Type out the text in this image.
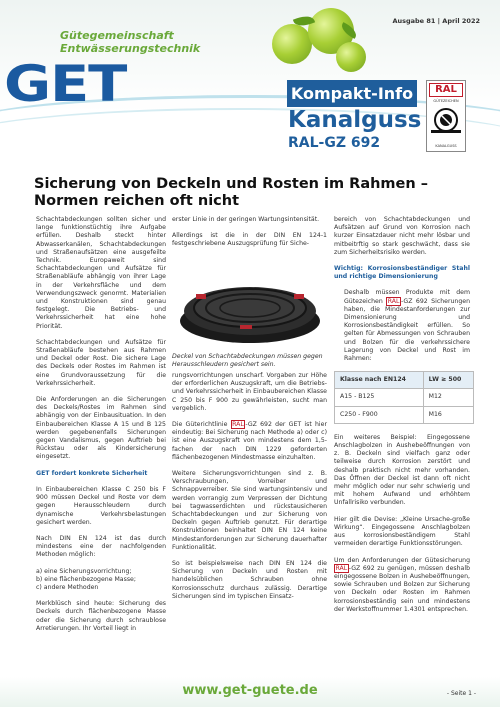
Gütegemeinschaft
Entwässerungstechnik
GET
Ausgabe 81 | April 2022
Kompakt-Info
Kanalguss
RAL-GZ 692
RAL
GÜTEZEICHEN
KANALGUSS
Sicherung von Deckeln und Rosten im Rahmen – Normen reichen oft nicht

Schachtabdeckungen sollten sicher und lange funktionstüchtig ihre Aufgabe erfüllen. Deshalb steckt hinter Abwasserkanälen, Schachtabdeckungen und Straßenaufsätzen eine ausgefeilte Technik. Europaweit sind Schachtabdeckungen und Aufsätze für Straßenabläufe abhängig von ihrer Lage in der Verkehrsfläche und dem Verwendungszweck genormt. Materialien und Konstruktionen sind genau festgelegt. Die Betriebs- und Verkehrssicherheit hat eine hohe Priorität.

Schachtabdeckungen und Aufsätze für Straßenabläufe bestehen aus Rahmen und Deckel oder Rost. Die sichere Lage des Deckels oder Rostes im Rahmen ist eine Grundvoraussetzung für die Verkehrssicherheit.

Die Anforderungen an die Sicherungen des Deckels/Rostes im Rahmen sind abhängig von der Einbausituation. In den Einbaubereichen Klasse A 15 und B 125 werden gegebenenfalls Sicherungen gegen Vandalismus, gegen Auftrieb bei Rückstau oder als Kindersicherung eingesetzt.

GET fordert konkrete Sicherheit

In Einbaubereichen Klasse C 250 bis F 900 müssen Deckel und Roste vor dem gegen Herausschleudern durch dynamische Verkehrsbelastungen gesichert werden.

Nach DIN EN 124 ist das durch mindestens eine der nachfolgenden Methoden möglich:

a) eine Sicherungsvorrichtung;

b) eine flächenbezogene Masse;

c) andere Methoden

Merkblüsch sind heute: Sicherung des Deckels durch flächenbezogene Masse oder die Sicherung durch schraublose Arretierungen. Ihr Vorteil liegt in

erster Linie in der geringen Wartungsintensität.

Allerdings ist die in der DIN EN 124-1 festgeschriebene Auszugsprüfung für Siche-

Deckel von Schachtabdeckungen müssen gegen Herausschleudern gesichert sein.

rungsvorrichtungen unscharf. Vorgaben zur Höhe der erforderlichen Auszugskraft, um die Betriebs- und Verkehrssicherheit in Einbaubereichen Klasse C 250 bis F 900 zu gewährleisten, sucht man vergeblich.

Die Güterichtlinie RAL -GZ 692 der GET ist hier eindeutig: Bei Sicherung nach Methode a) oder c) ist eine Auszugskraft von mindestens dem 1,5-fachen der nach DIN 1229 geforderten flächenbezogenen Mindestmasse einzuhalten.

Weitere Sicherungsvorrichtungen sind z. B. Verschraubungen, Vorreiber und Schnappverreiber. Sie sind wartungsintensiv und werden vorrangig zum Verpressen der Dichtung bei tagwasserdichten und rückstausicheren Schachtabdeckungen und zur Sicherung von Deckeln gegen Auftrieb genutzt. Für derartige Konstruktionen beinhaltet DIN EN 124 keine Mindestanforderungen zur Sicherung dauerhafter Funktionalität.

So ist beispielsweise nach DIN EN 124 die Sicherung von Deckeln und Rosten mit handelsüblichen Schrauben ohne Korrosionsschutz durchaus zulässig. Derartige Sicherungen sind im typischen Einsatz-

bereich von Schachtabdeckungen und Aufsätzen auf Grund von Korrosion nach kurzer Einsatzdauer nicht mehr lösbar und mitbeitrftig so stark geschwächt, dass sie zum Sicherheitsrisiko werden.

Wichtig: Korrosionsbeständiger Stahl und richtige Dimensionierung

Deshalb müssen Produkte mit dem Gütezeichen RAL -GZ 692 Sicherungen haben, die Mindestanforderungen zur Dimensionierung und Korrosionsbeständigkeit erfüllen. So gelten für Abmessungen von Schrauben und Bolzen für die verkehrssichere Lagerung von Deckel und Rost im Rahmen:

Klasse nach EN124	LW ≥ 500
A15 - B125	M12
C250 - F900	M16

Ein weiteres Beispiel: Eingegossene Anschlagbolzen in Aushebeöffnungen von z. B. Deckeln sind vielfach ganz oder teilweise durch Korrosion zerstört und deshalb praktisch nicht mehr vorhanden. Das Öffnen der Deckel ist dann oft nicht mehr möglich oder nur sehr schwierig und mit hohem Aufwand und erhöhtem Unfallrisiko verbunden.

Hier gilt die Devise: „Kleine Ursache-große Wirkung“. Eingegossene Anschlagbolzen aus korrosionsbeständigem Stahl vermeiden derartige Funktionsstörungen.

Um den Anforderungen der Gütesicherung RAL -GZ 692 zu genügen, müssen deshalb eingegossene Bolzen in Aushebeöffnungen, sowie Schrauben und Bolzen zur Sicherung von Deckeln oder Rosten im Rahmen korrosionsbeständig sein und mindestens der Werkstoffnummer 1.4301 entsprechen.

www.get-guete.de	- Seite 1 -
